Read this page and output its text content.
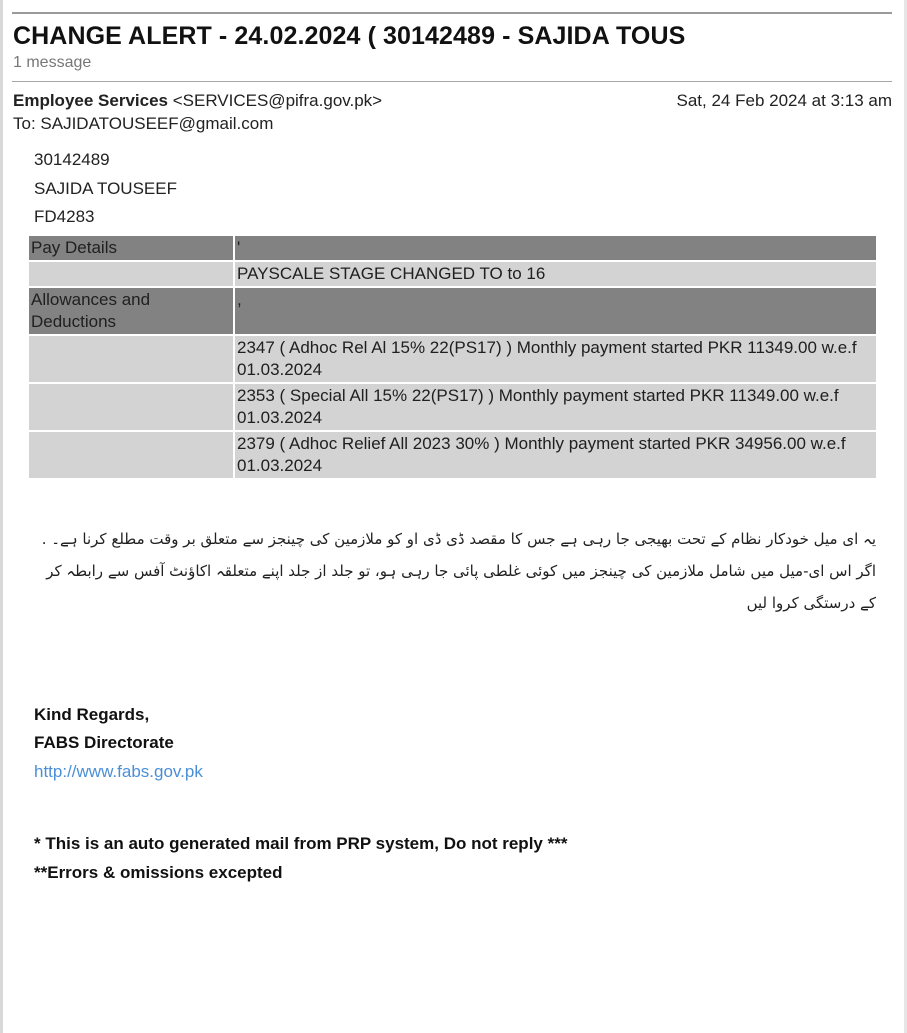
CHANGE ALERT - 24.02.2024 ( 30142489 - SAJIDA TOUS
1 message
Employee Services <SERVICES@pifra.gov.pk>	Sat, 24 Feb 2024 at 3:13 am
To: SAJIDATOUSEEF@gmail.com
30142489
SAJIDA TOUSEEF
FD4283
Pay Details	'
	PAYSCALE STAGE CHANGED TO to 16
Allowances and Deductions	,
	2347 ( Adhoc Rel Al 15% 22(PS17) ) Monthly payment started PKR 11349.00 w.e.f 01.03.2024
	2353 ( Special All 15% 22(PS17) ) Monthly payment started PKR 11349.00 w.e.f 01.03.2024
	2379 ( Adhoc Relief All 2023 30% ) Monthly payment started PKR 34956.00 w.e.f 01.03.2024
یہ ای میل خودکار نظام کے تحت بھیجی جا رہی ہے جس کا مقصد ڈی ڈی او کو ملازمین کی چینجز سے متعلق بر وقت مطلع کرنا ہے۔ . اگر اس ای-میل میں شامل ملازمین کی چینجز میں کوئی غلطی پائی جا رہی ہو، تو جلد از جلد اپنے متعلقہ اکاؤنٹ آفس سے رابطہ کر کے درستگی کروا لیں
Kind Regards,
FABS Directorate
http://www.fabs.gov.pk
* This is an auto generated mail from PRP system, Do not reply ***
**Errors & omissions excepted
